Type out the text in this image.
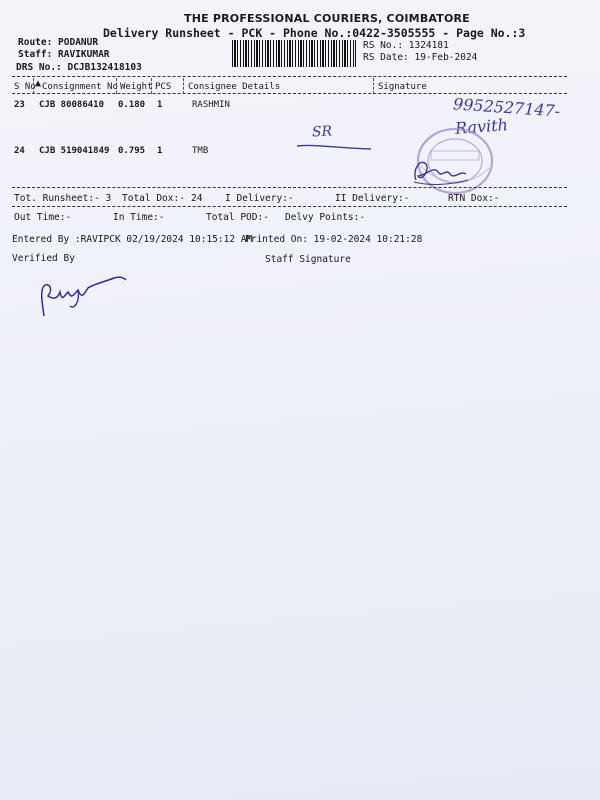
THE PROFESSIONAL COURIERS, COIMBATORE
Delivery Runsheet - PCK - Phone No.:0422-3505555 - Page No.:3
Route: PODANUR
Staff: RAVIKUMAR
DRS No.: DCJB132418103
RS No.: 1324181
RS Date: 19-Feb-2024
S No ▲ Consignment No Weight PCS Consignee Details	Signature
23 CJB 80086410 0.180 1	RASHMIN
24 CJB 519041849 0.795 1	TMB
9952527147-
SR	Ravith
Tot. Runsheet:- 3 Total Dox:- 24 I Delivery:-	II Delivery:-	RTN Dox:-
Out Time:-	In Time:-	Total POD:- Delvy Points:-
Entered By :RAVIPCK 02/19/2024 10:15:12 AM
Printed On: 19-02-2024 10:21:28
Verified By	Staff Signature
